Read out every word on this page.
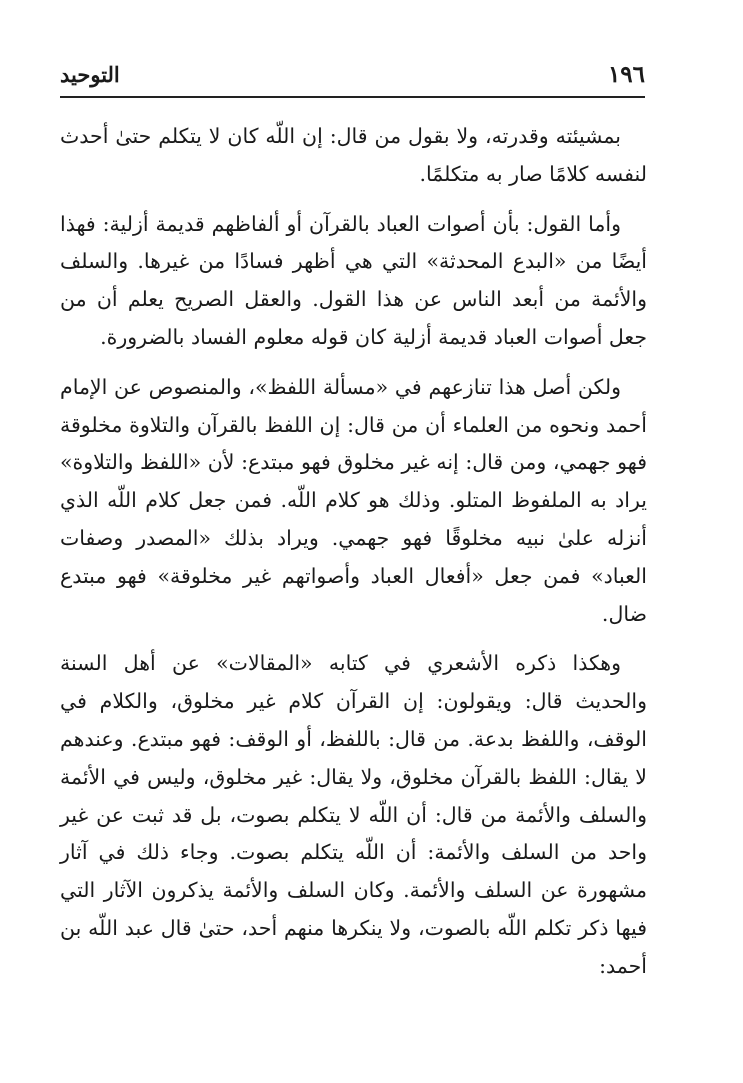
١٩٦
التوحيد

بمشيئته وقدرته، ولا بقول من قال: إن اللّه كان لا يتكلم حتىٰ أحدث لنفسه كلامًا صار به متكلمًا.

وأما القول: بأن أصوات العباد بالقرآن أو ألفاظهم قديمة أزلية: فهذا أيضًا من «البدع المحدثة» التي هي أظهر فسادًا من غيرها. والسلف والأئمة من أبعد الناس عن هذا القول. والعقل الصريح يعلم أن من جعل أصوات العباد قديمة أزلية كان قوله معلوم الفساد بالضرورة.

ولكن أصل هذا تنازعهم في «مسألة اللفظ»، والمنصوص عن الإمام أحمد ونحوه من العلماء أن من قال: إن اللفظ بالقرآن والتلاوة مخلوقة فهو جهمي، ومن قال: إنه غير مخلوق فهو مبتدع: لأن «اللفظ والتلاوة» يراد به الملفوظ المتلو. وذلك هو كلام اللّه. فمن جعل كلام اللّه الذي أنزله علىٰ نبيه مخلوقًا فهو جهمي. ويراد بذلك «المصدر وصفات العباد» فمن جعل «أفعال العباد وأصواتهم غير مخلوقة» فهو مبتدع ضال.

وهكذا ذكره الأشعري في كتابه «المقالات» عن أهل السنة والحديث قال: ويقولون: إن القرآن كلام غير مخلوق، والكلام في الوقف، واللفظ بدعة. من قال: باللفظ، أو الوقف: فهو مبتدع. وعندهم لا يقال: اللفظ بالقرآن مخلوق، ولا يقال: غير مخلوق، وليس في الأئمة والسلف والأئمة من قال: أن اللّه لا يتكلم بصوت، بل قد ثبت عن غير واحد من السلف والأئمة: أن اللّه يتكلم بصوت. وجاء ذلك في آثار مشهورة عن السلف والأئمة. وكان السلف والأئمة يذكرون الآثار التي فيها ذكر تكلم اللّه بالصوت، ولا ينكرها منهم أحد، حتىٰ قال عبد اللّه بن أحمد:
